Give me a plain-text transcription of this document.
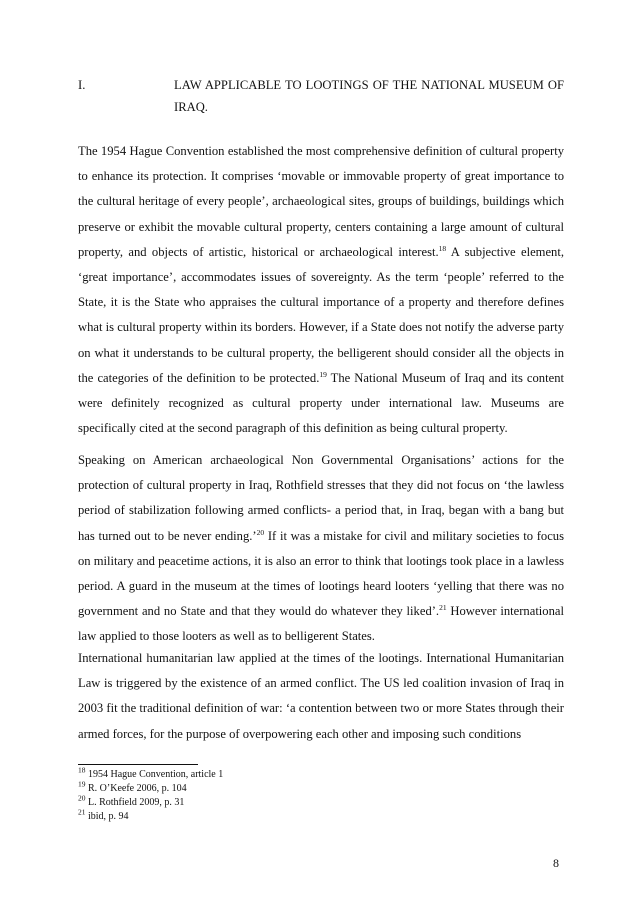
I.	LAW APPLICABLE TO LOOTINGS OF THE NATIONAL MUSEUM OF IRAQ.

The 1954 Hague Convention established the most comprehensive definition of cultural property to enhance its protection. It comprises ‘movable or immovable property of great importance to the cultural heritage of every people’, archaeological sites, groups of buildings, buildings which preserve or exhibit the movable cultural property, centers containing a large amount of cultural property, and objects of artistic, historical or archaeological interest.$^{18}$ A subjective element, ‘great importance’, accommodates issues of sovereignty. As the term ‘people’ referred to the State, it is the State who appraises the cultural importance of a property and therefore defines what is cultural property within its borders. However, if a State does not notify the adverse party on what it understands to be cultural property, the belligerent should consider all the objects in the categories of the definition to be protected.$^{19}$ The National Museum of Iraq and its content were definitely recognized as cultural property under international law. Museums are specifically cited at the second paragraph of this definition as being cultural property.

Speaking on American archaeological Non Governmental Organisations’ actions for the protection of cultural property in Iraq, Rothfield stresses that they did not focus on ‘the lawless period of stabilization following armed conflicts- a period that, in Iraq, began with a bang but has turned out to be never ending.’$^{20}$ If it was a mistake for civil and military societies to focus on military and peacetime actions, it is also an error to think that lootings took place in a lawless period. A guard in the museum at the times of lootings heard looters ‘yelling that there was no government and no State and that they would do whatever they liked’.$^{21}$ However international law applied to those looters as well as to belligerent States.

International humanitarian law applied at the times of the lootings. International Humanitarian Law is triggered by the existence of an armed conflict. The US led coalition invasion of Iraq in 2003 fit the traditional definition of war: ‘a contention between two or more States through their armed forces, for the purpose of overpowering each other and imposing such conditions

$^{18}$ 1954 Hague Convention, article 1
$^{19}$ R. O’Keefe 2006, p. 104
$^{20}$ L. Rothfield 2009, p. 31
$^{21}$ ibid, p. 94
8
